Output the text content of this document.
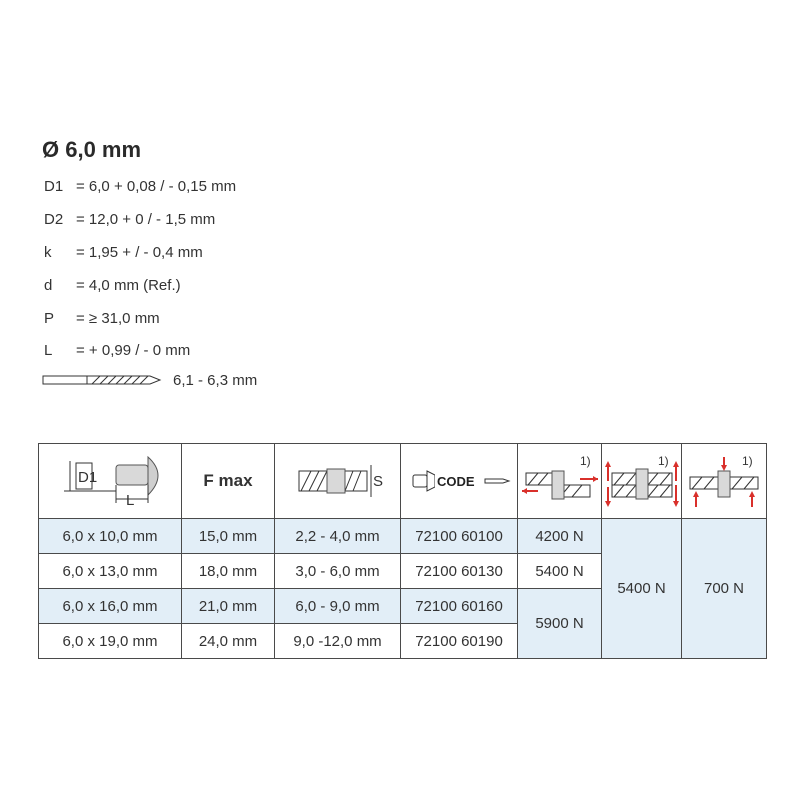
Ø 6,0 mm
D1 = 6,0 + 0,08 / - 0,15 mm
D2 = 12,0 + 0 / - 1,5 mm
k	= 1,95 + / - 0,4 mm
d	= 4,0 mm (Ref.)
P	= ≥ 31,0 mm
L	= + 0,99 / - 0 mm
6,1 - 6,3 mm
D1
L	F max	S	CODE	1)	1)	1)

6,0 x 10,0 mm	15,0 mm	2,2 - 4,0 mm	72100 60100	4200 N	5400 N	700 N
6,0 x 13,0 mm	18,0 mm	3,0 - 6,0 mm	72100 60130	5400 N		
6,0 x 16,0 mm	21,0 mm	6,0 - 9,0 mm	72100 60160	5900 N		
6,0 x 19,0 mm	24,0 mm	9,0 -12,0 mm	72100 60190			
